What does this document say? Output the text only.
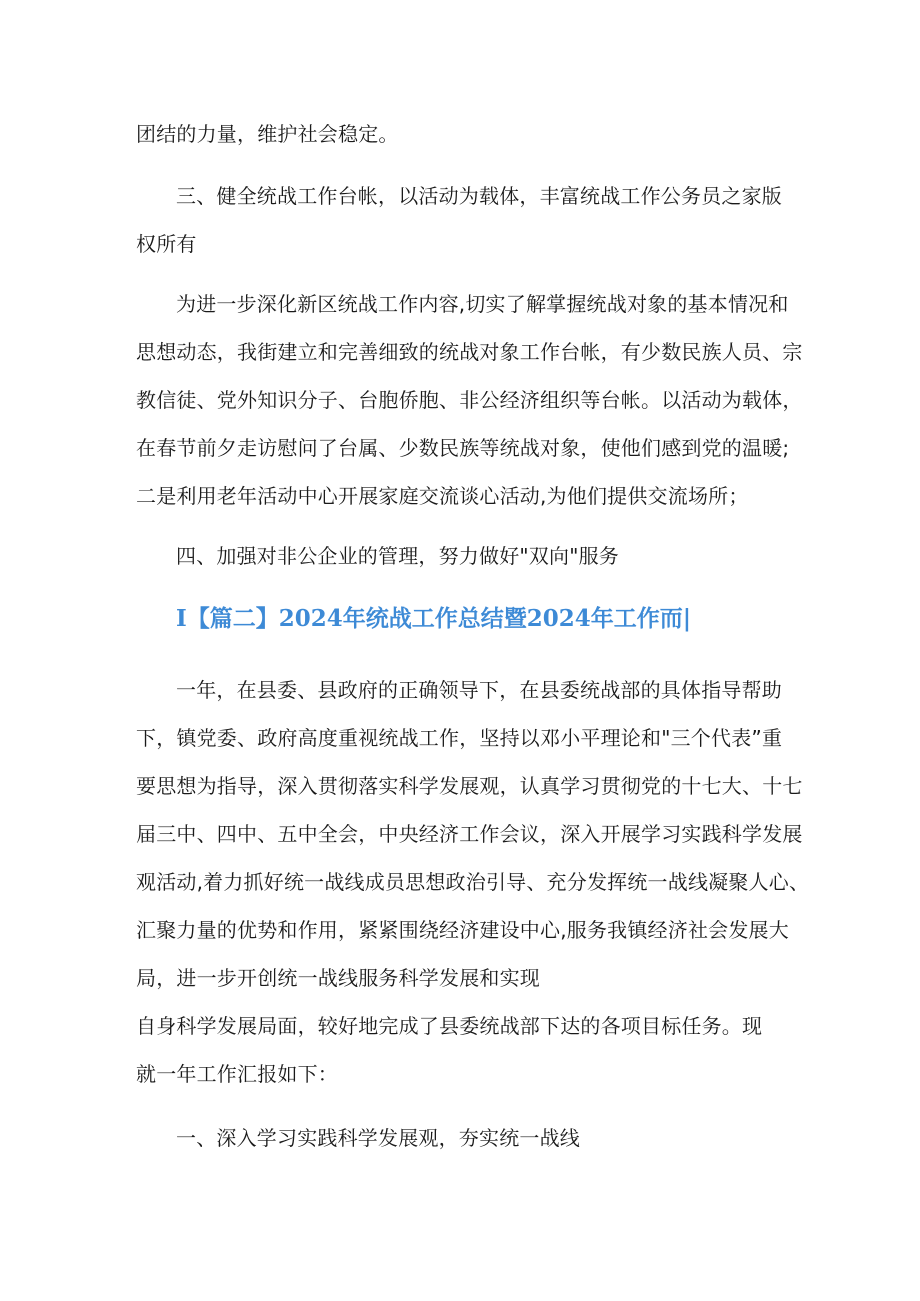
团结的力量，维护社会稳定。
三、健全统战工作台帐，以活动为载体，丰富统战工作公务员之家版
权所有
为进一步深化新区统战工作内容,切实了解掌握统战对象的基本情况和
思想动态，我街建立和完善细致的统战对象工作台帐，有少数民族人员、宗
教信徒、党外知识分子、台胞侨胞、非公经济组织等台帐。以活动为载体，
在春节前夕走访慰问了台属、少数民族等统战对象，使他们感到党的温暖;
二是利用老年活动中心开展家庭交流谈心活动,为他们提供交流场所；
四、加强对非公企业的管理，努力做好"双向"服务
I【篇二】2024年统战工作总结暨2024年工作而|
一年，在县委、县政府的正确领导下，在县委统战部的具体指导帮助
下，镇党委、政府高度重视统战工作，坚持以邓小平理论和"三个代表”重
要思想为指导，深入贯彻落实科学发展观，认真学习贯彻党的十七大、十七
届三中、四中、五中全会，中央经济工作会议，深入开展学习实践科学发展
观活动,着力抓好统一战线成员思想政治引导、充分发挥统一战线凝聚人心、
汇聚力量的优势和作用，紧紧围绕经济建设中心,服务我镇经济社会发展大
局，进一步开创统一战线服务科学发展和实现
自身科学发展局面，较好地完成了县委统战部下达的各项目标任务。现
就一年工作汇报如下：
一、深入学习实践科学发展观，夯实统一战线
